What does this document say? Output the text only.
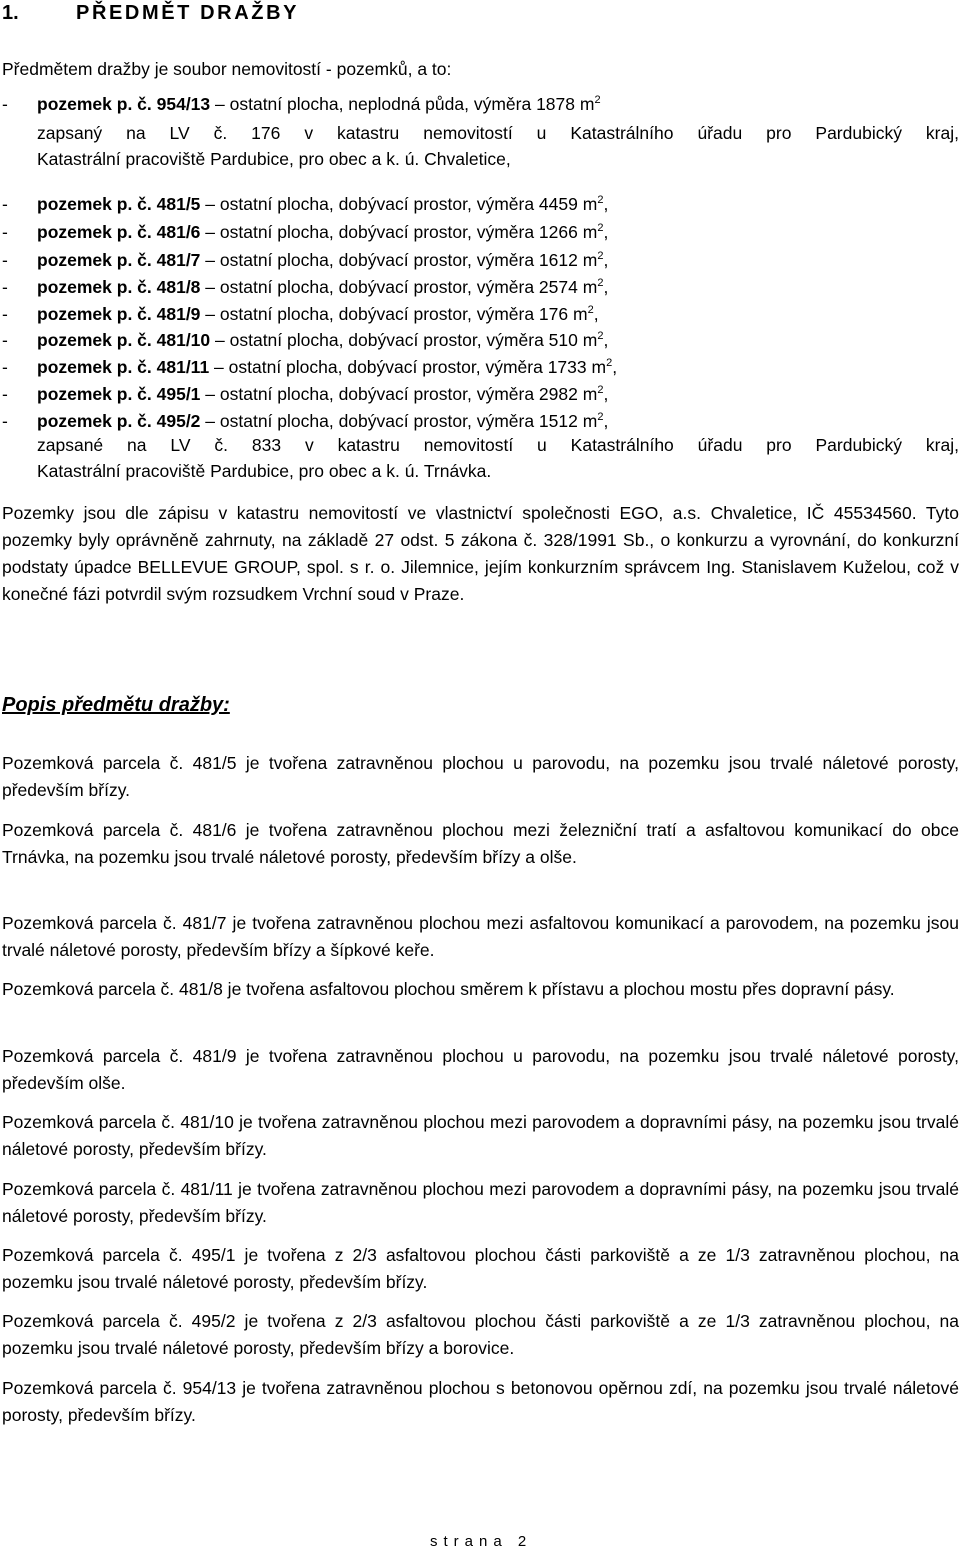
1.	PŘEDMĚT DRAŽBY
Předmětem dražby je soubor nemovitostí - pozemků, a to:
- pozemek p. č. 954/13 – ostatní plocha, neplodná půda, výměra 1878 $m^2$
zapsaný na LV č. 176 v katastru nemovitostí u Katastrálního úřadu pro Pardubický kraj,
Katastrální pracoviště Pardubice, pro obec a k. ú. Chvaletice,
- pozemek p. č. 481/5 – ostatní plocha, dobývací prostor, výměra 4459 $m^2$,
- pozemek p. č. 481/6 – ostatní plocha, dobývací prostor, výměra 1266 $m^2$,
- pozemek p. č. 481/7 – ostatní plocha, dobývací prostor, výměra 1612 $m^2$,
- pozemek p. č. 481/8 – ostatní plocha, dobývací prostor, výměra 2574 $m^2$,
- pozemek p. č. 481/9 – ostatní plocha, dobývací prostor, výměra 176 $m^2$,
- pozemek p. č. 481/10 – ostatní plocha, dobývací prostor, výměra 510 $m^2$,
- pozemek p. č. 481/11 – ostatní plocha, dobývací prostor, výměra 1733 $m^2$,
- pozemek p. č. 495/1 – ostatní plocha, dobývací prostor, výměra 2982 $m^2$,
- pozemek p. č. 495/2 – ostatní plocha, dobývací prostor, výměra 1512 $m^2$,
zapsané na LV č. 833 v katastru nemovitostí u Katastrálního úřadu pro Pardubický kraj,
Katastrální pracoviště Pardubice, pro obec a k. ú. Trnávka.
Pozemky jsou dle zápisu v katastru nemovitostí ve vlastnictví společnosti EGO, a.s. Chvaletice, IČ 45534560. Tyto pozemky byly oprávněně zahrnuty, na základě 27 odst. 5 zákona č. 328/1991 Sb., o konkurzu a vyrovnání, do konkurzní podstaty úpadce BELLEVUE GROUP, spol. s r. o. Jilemnice, jejím konkurzním správcem Ing. Stanislavem Kuželou, což v konečné fázi potvrdil svým rozsudkem Vrchní soud v Praze.
Popis předmětu dražby:
Pozemková parcela č. 481/5 je tvořena zatravněnou plochou u parovodu, na pozemku jsou trvalé náletové porosty, především břízy.
Pozemková parcela č. 481/6 je tvořena zatravněnou plochou mezi železniční tratí a asfaltovou komunikací do obce Trnávka, na pozemku jsou trvalé náletové porosty, především břízy a olše.
Pozemková parcela č. 481/7 je tvořena zatravněnou plochou mezi asfaltovou komunikací a parovodem, na pozemku jsou trvalé náletové porosty, především břízy a šípkové keře.
Pozemková parcela č. 481/8 je tvořena asfaltovou plochou směrem k přístavu a plochou mostu přes dopravní pásy.
Pozemková parcela č. 481/9 je tvořena zatravněnou plochou u parovodu, na pozemku jsou trvalé náletové porosty, především olše.
Pozemková parcela č. 481/10 je tvořena zatravněnou plochou mezi parovodem a dopravními pásy, na pozemku jsou trvalé náletové porosty, především břízy.
Pozemková parcela č. 481/11 je tvořena zatravněnou plochou mezi parovodem a dopravními pásy, na pozemku jsou trvalé náletové porosty, především břízy.
Pozemková parcela č. 495/1 je tvořena z 2/3 asfaltovou plochou části parkoviště a ze 1/3 zatravněnou plochou, na pozemku jsou trvalé náletové porosty, především břízy.
Pozemková parcela č. 495/2 je tvořena z 2/3 asfaltovou plochou části parkoviště a ze 1/3 zatravněnou plochou, na pozemku jsou trvalé náletové porosty, především břízy a borovice.
Pozemková parcela č. 954/13 je tvořena zatravněnou plochou s betonovou opěrnou zdí, na pozemku jsou trvalé náletové porosty, především břízy.
strana 2
